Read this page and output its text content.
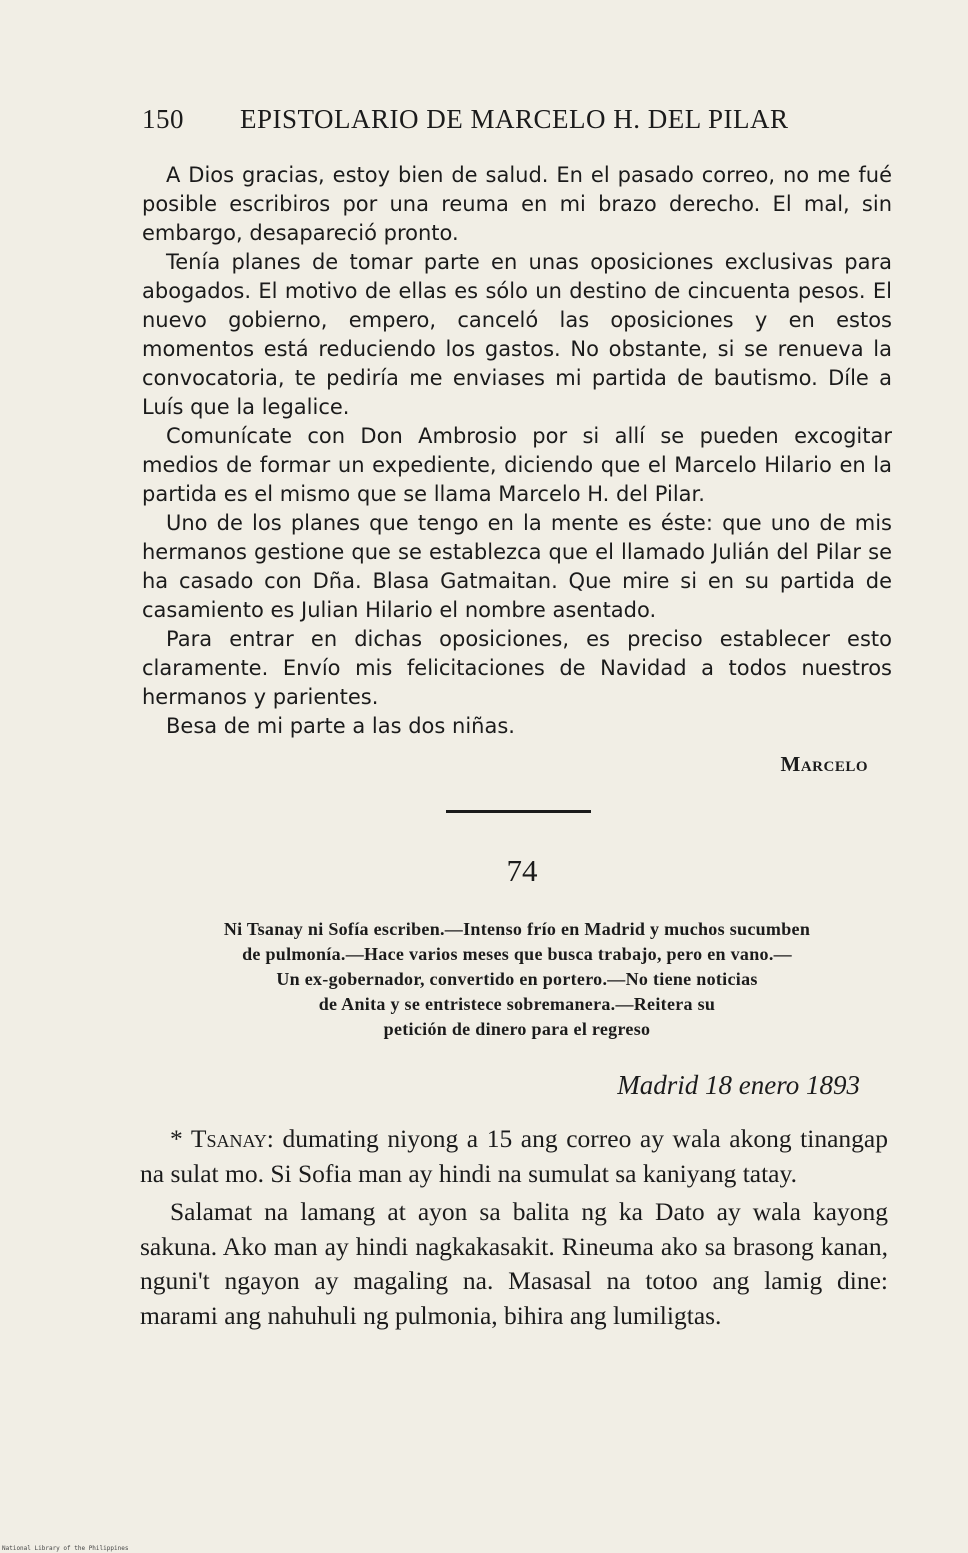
150 EPISTOLARIO DE MARCELO H. DEL PILAR

A Dios gracias, estoy bien de salud. En el pasado correo, no me fué posible escribiros por una reuma en mi brazo derecho. El mal, sin embargo, desapareció pronto.

Tenía planes de tomar parte en unas oposiciones exclusivas para abogados. El motivo de ellas es sólo un destino de cincuenta pesos. El nuevo gobierno, empero, canceló las oposiciones y en estos momentos está reduciendo los gastos. No obstante, si se renueva la convocatoria, te pediría me enviases mi partida de bautismo. Díle a Luís que la legalice.

Comunícate con Don Ambrosio por si allí se pueden excogitar medios de formar un expediente, diciendo que el Marcelo Hilario en la partida es el mismo que se llama Marcelo H. del Pilar.

Uno de los planes que tengo en la mente es éste: que uno de mis hermanos gestione que se establezca que el llamado Julián del Pilar se ha casado con Dña. Blasa Gatmaitan. Que mire si en su partida de casamiento es Julian Hilario el nombre asentado.

Para entrar en dichas oposiciones, es preciso establecer esto claramente. Envío mis felicitaciones de Navidad a todos nuestros hermanos y parientes.

Besa de mi parte a las dos niñas.

Marcelo
74
Ni Tsanay ni Sofía escriben.—Intenso frío en Madrid y muchos sucumben
de pulmonía.—Hace varios meses que busca trabajo, pero en vano.—
Un ex-gobernador, convertido en portero.—No tiene noticias
de Anita y se entristece sobremanera.—Reitera su
petición de dinero para el regreso
Madrid 18 enero 1893

* Tsanay: dumating niyong a 15 ang correo ay wala akong tinangap na sulat mo. Si Sofia man ay hindi na sumulat sa kaniyang tatay.

Salamat na lamang at ayon sa balita ng ka Dato ay wala kayong sakuna. Ako man ay hindi nagkakasakit. Rineuma ako sa brasong kanan, nguni't ngayon ay magaling na. Masasal na totoo ang lamig dine: marami ang nahuhuli ng pulmonia, bihira ang lumiligtas.

National Library of the Philippines
